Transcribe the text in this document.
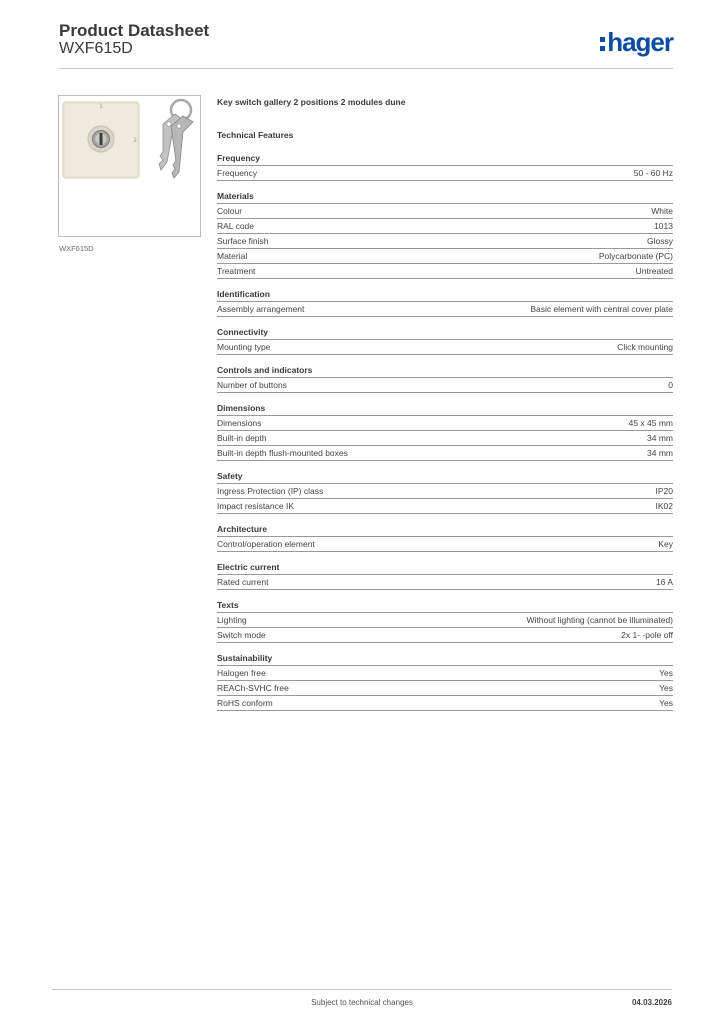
Product Datasheet
WXF615D	hager
1
2
WXF615D
Key switch gallery 2 positions 2 modules dune
Technical Features
Frequency
Frequency	50 - 60 Hz
Materials
Colour	White
RAL code	1013
Surface finish	Glossy
Material	Polycarbonate (PC)
Treatment	Untreated
Identification
Assembly arrangement	Basic element with central cover plate
Connectivity
Mounting type	Click mounting
Controls and indicators
Number of buttons	0
Dimensions
Dimensions	45 x 45 mm
Built-in depth	34 mm
Built-in depth flush-mounted boxes	34 mm
Safety
Ingress Protection (IP) class	IP20
Impact resistance IK	IK02
Architecture
Control/operation element	Key
Electric current
Rated current	16 A
Texts
Lighting	Without lighting (cannot be illuminated)
Switch mode	2x 1- -pole off
Sustainability
Halogen free	Yes
REACh-SVHC free	Yes
RoHS conform	Yes
Subject to technical changes	04.03.2026
